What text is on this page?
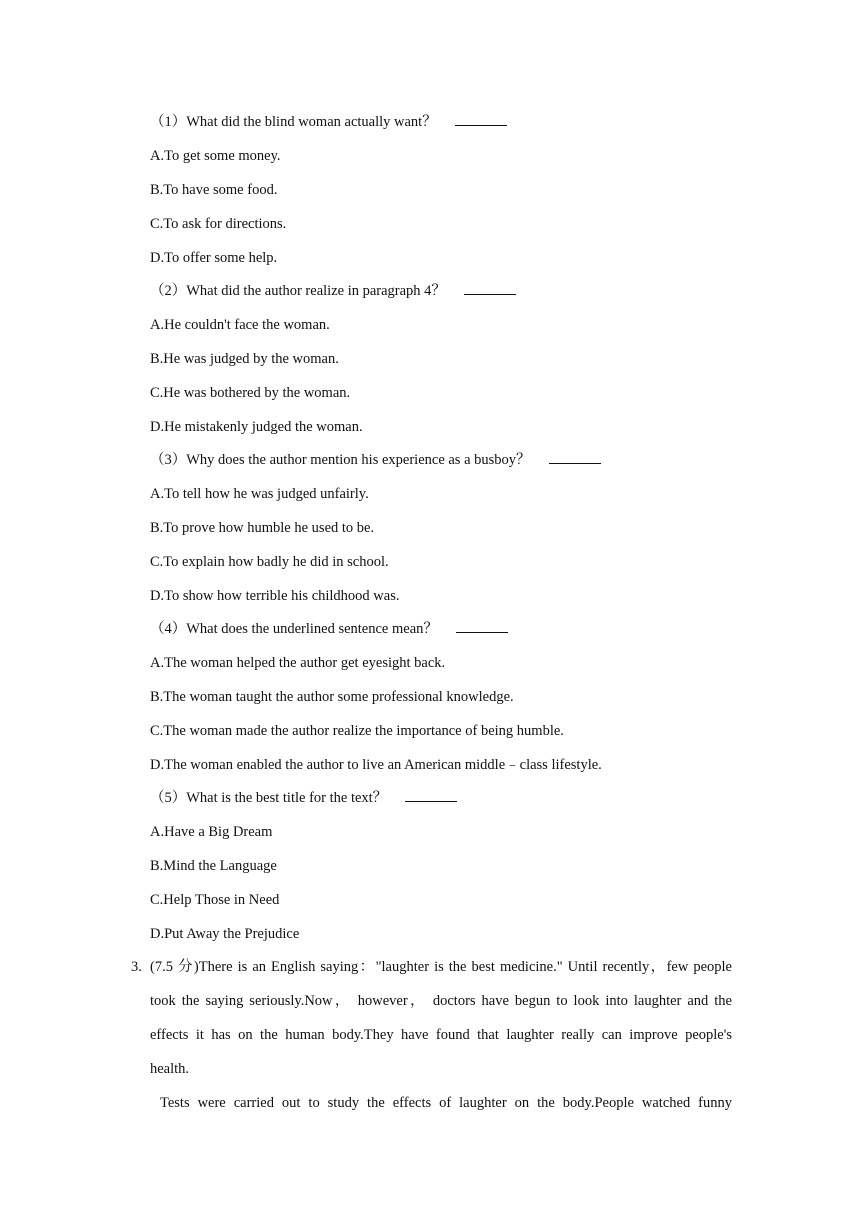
（1）What did the blind woman actually want？
A.To get some money.
B.To have some food.
C.To ask for directions.
D.To offer some help.
（2）What did the author realize in paragraph 4？
A.He couldn't face the woman.
B.He was judged by the woman.
C.He was bothered by the woman.
D.He mistakenly judged the woman.
（3）Why does the author mention his experience as a busboy？
A.To tell how he was judged unfairly.
B.To prove how humble he used to be.
C.To explain how badly he did in school.
D.To show how terrible his childhood was.
（4）What does the underlined sentence mean？
A.The woman helped the author get eyesight back.
B.The woman taught the author some professional knowledge.
C.The woman made the author realize the importance of being humble.
D.The woman enabled the author to live an American middle﹣class lifestyle.
（5）What is the best title for the text？
A.Have a Big Dream
B.Mind the Language
C.Help Those in Need
D.Put Away the Prejudice
3. (7.5 分)There is an English saying："laughter is the best medicine." Until recently，few people
took the saying seriously.Now， however， doctors have begun to look into laughter and the
effects it has on the human body.They have found that laughter really can improve people's
health.
Tests were carried out to study the effects of laughter on the body.People watched funny
